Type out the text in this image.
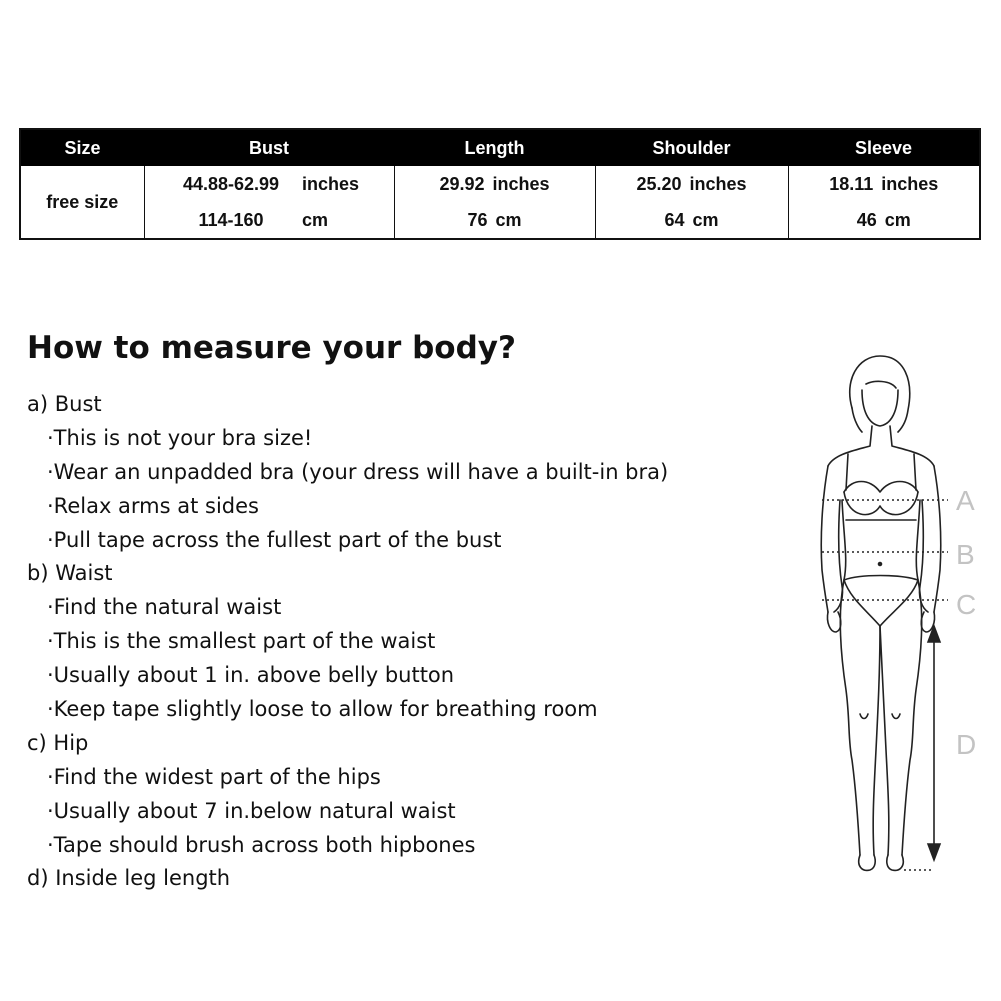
Size	Bust	Length	Shoulder	Sleeve
free size	44.88-62.99 inches	29.92 inches	25.20 inches	18.11 inches
	114-160 cm	76 cm	64 cm	46 cm
How to measure your body?
a) Bust
·This is not your bra size!
·Wear an unpadded bra (your dress will have a built-in bra)
·Relax arms at sides
·Pull tape across the fullest part of the bust
b) Waist
·Find the natural waist
·This is the smallest part of the waist
·Usually about 1 in. above belly button
·Keep tape slightly loose to allow for breathing room
c) Hip
·Find the widest part of the hips
·Usually about 7 in.below natural waist
·Tape should brush across both hipbones
d) Inside leg length
A
B
C
D
